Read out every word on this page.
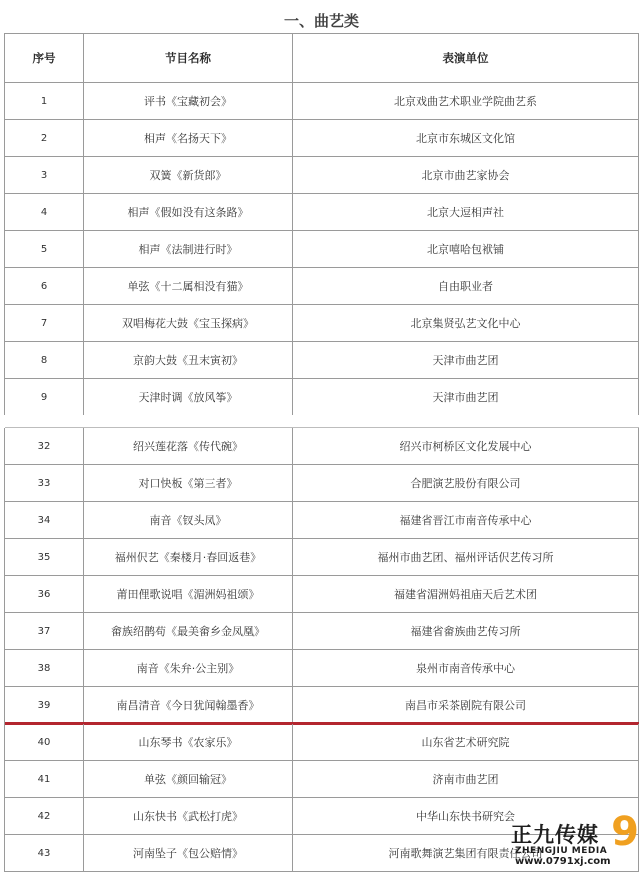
一、曲艺类
序号	节目名称	表演单位
1	评书《宝藏初会》	北京戏曲艺术职业学院曲艺系
2	相声《名扬天下》	北京市东城区文化馆
3	双簧《新货郎》	北京市曲艺家协会
4	相声《假如没有这条路》	北京大逗相声社
5	相声《法制进行时》	北京嘻哈包袱铺
6	单弦《十二属相没有猫》	自由职业者
7	双唱梅花大鼓《宝玉探病》	北京集贤弘艺文化中心
8	京韵大鼓《丑末寅初》	天津市曲艺团
9	天津时调《放风筝》	天津市曲艺团
32	绍兴莲花落《传代碗》	绍兴市柯桥区文化发展中心
33	对口快板《第三者》	合肥演艺股份有限公司
34	南音《钗头凤》	福建省晋江市南音传承中心
35	福州伬艺《秦楼月·春回返巷》	福州市曲艺团、福州评话伬艺传习所
36	莆田俚歌说唱《湄洲妈祖颂》	福建省湄洲妈祖庙天后艺术团
37	畲族绍鹊苟《最美畲乡金凤凰》	福建省畲族曲艺传习所
38	南音《朱弁·公主别》	泉州市南音传承中心
39	南昌清音《今日犹闻翰墨香》	南昌市采茶剧院有限公司
40	山东琴书《农家乐》	山东省艺术研究院
41	单弦《颜回输冠》	济南市曲艺团
42	山东快书《武松打虎》	中华山东快书研究会
43	河南坠子《包公赔情》	河南歌舞演艺集团有限责任公司
正九传媒 9
ZHENGJIU MEDIA
www.0791xj.com
